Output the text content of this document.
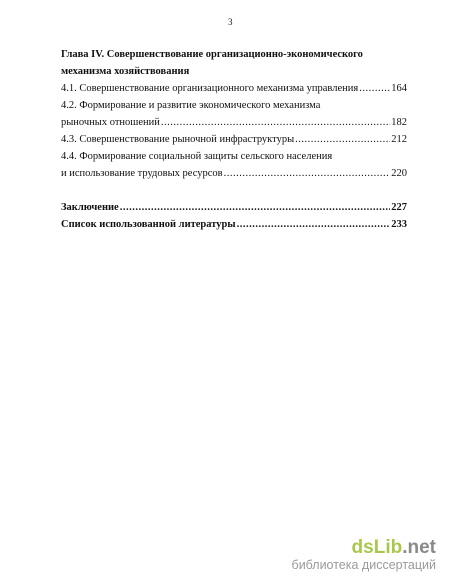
3

Глава IV. Совершенствование организационно-экономического
механизма хозяйствования

4.1. Совершенствование организационного механизма управления .....	164
4.2. Формирование и развитие экономического механизма
рыночных отношений .....	182
4.3. Совершенствование рыночной инфраструктуры .....	212
4.4. Формирование социальной защиты сельского населения
и использование трудовых ресурсов .....	220
Заключение .....	227
Список использованной литературы .....	233
dsLib.net
библиотека диссертаций
